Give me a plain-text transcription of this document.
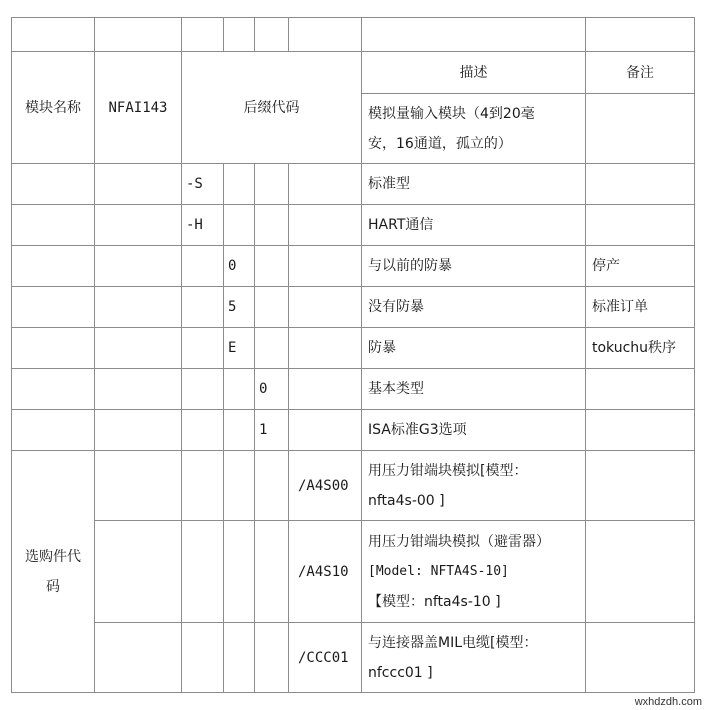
模块名称	NFAI143	后缀代码				描述	备注

						模拟量输入模块（4到20毫
安，16通道，孤立的）	

		-S				标准型	
		-H				HART通信	
			0			与以前的防暴	停产
			5			没有防暴	标准订单
			E			防暴	tokuchu秩序
				0		基本类型	
				1		ISA标准G3选项	

选购件代
码					/A4S00	用压力钳端块模拟[模型：
nfta4s-00 ]	

					/A4S10	用压力钳端块模拟（避雷器）
[Model: NFTA4S-10]
【模型：nfta4s-10 ]	

					/CCC01	与连接器盖MIL电缆[模型：
nfccc01 ]	

wxhdzdh.com
